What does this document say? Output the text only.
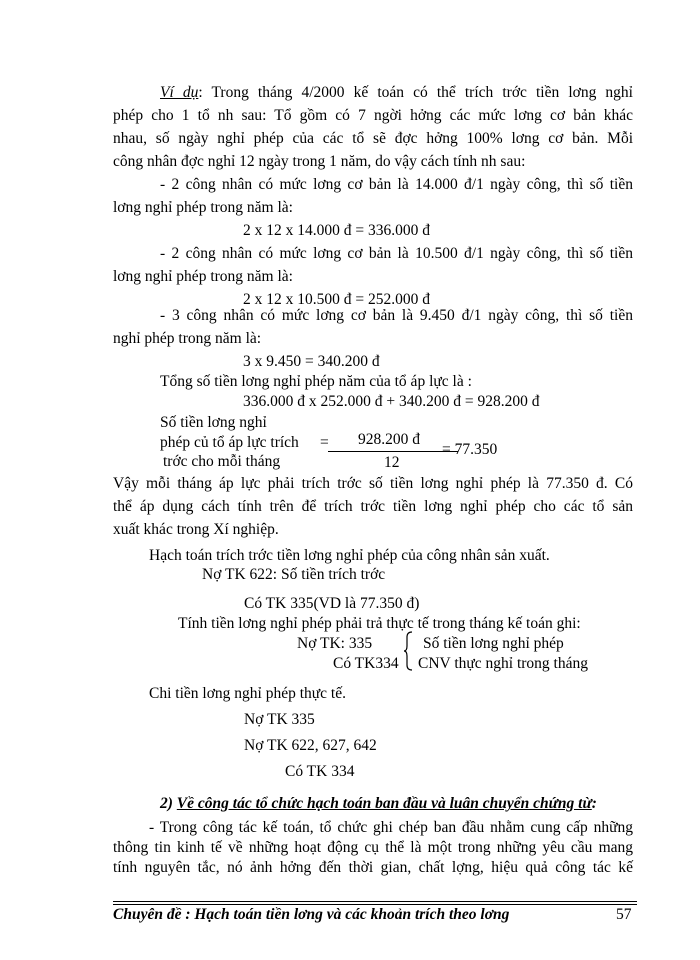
Ví dụ: Trong tháng 4/2000 kế toán có thể trích trớc tiền lơng nghỉ
phép cho 1 tổ nh sau: Tổ gồm có 7 ngời hởng các mức lơng cơ bản khác
nhau, số ngày nghỉ phép của các tổ sẽ đợc hởng 100% lơng cơ bản. Mỗi
công nhân đợc nghỉ 12 ngày trong 1 năm, do vậy cách tính nh sau:
- 2 công nhân có mức lơng cơ bản là 14.000 đ/1 ngày công, thì số tiền
lơng nghỉ phép trong năm là:
2 x 12 x 14.000 đ = 336.000 đ
- 2 công nhân có mức lơng cơ bản là 10.500 đ/1 ngày công, thì số tiền
lơng nghỉ phép trong năm là:
2 x 12 x 10.500 đ = 252.000 đ
- 3 công nhân có mức lơng cơ bản là 9.450 đ/1 ngày công, thì số tiền
nghỉ phép trong năm là:
3 x 9.450 = 340.200 đ
Tổng số tiền lơng nghỉ phép năm của tổ áp lực là :
336.000 đ x 252.000 đ + 340.200 đ = 928.200 đ
Số tiền lơng nghỉ
phép củ tổ áp lực trích
trớc cho mỗi tháng
= 928.200 đ
12
= 77.350
Vậy mỗi tháng áp lực phải trích trớc số tiền lơng nghỉ phép là 77.350 đ. Có
thể áp dụng cách tính trên để trích trớc tiền lơng nghỉ phép cho các tổ sản
xuất khác trong Xí nghiệp.
Hạch toán trích trớc tiền lơng nghỉ phép của công nhân sản xuất.
Nợ TK 622: Số tiền trích trớc
Có TK 335(VD là 77.350 đ)
Tính tiền lơng nghỉ phép phải trả thực tế trong tháng kế toán ghi:
Nợ TK: 335
Có TK334
Số tiền lơng nghỉ phép
CNV thực nghỉ trong tháng
Chi tiền lơng nghỉ phép thực tế.
Nợ TK 335
Nợ TK 622, 627, 642
Có TK 334
2) Về công tác tổ chức hạch toán ban đầu và luân chuyển chứng từ:
- Trong công tác kế toán, tổ chức ghi chép ban đầu nhằm cung cấp những
thông tin kinh tế về những hoạt động cụ thể là một trong những yêu cầu mang
tính nguyên tắc, nó ảnh hởng đến thời gian, chất lợng, hiệu quả công tác kế
Chuyên đề : Hạch toán tiền lơng và các khoản trích theo lơng	57
